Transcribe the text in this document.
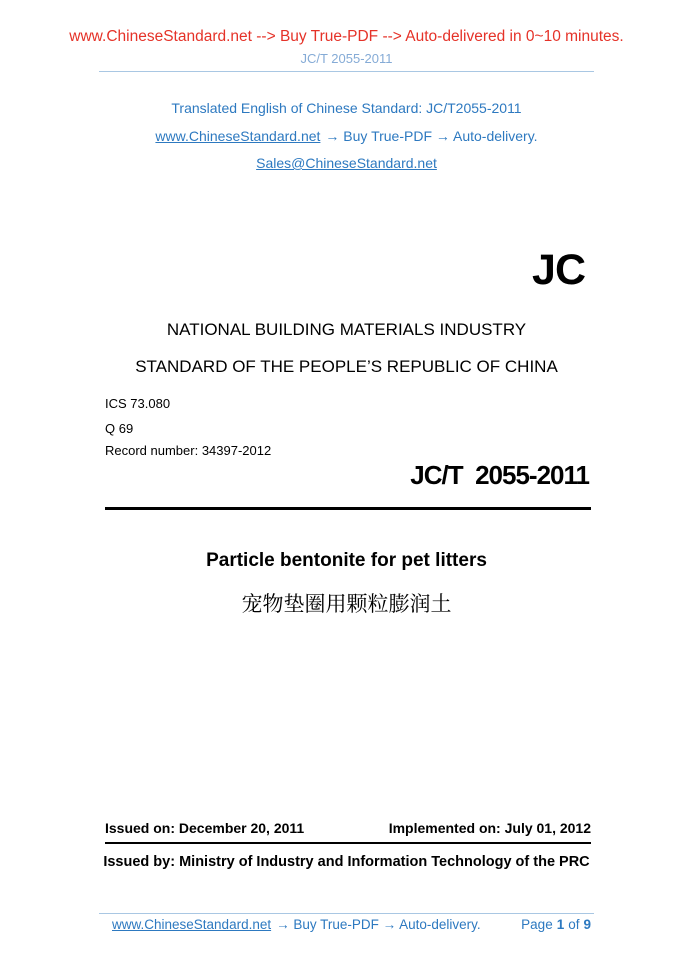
www.ChineseStandard.net --> Buy True-PDF --> Auto-delivered in 0~10 minutes.
JC/T 2055-2011
Translated English of Chinese Standard: JC/T2055-2011
www.ChineseStandard.net → Buy True-PDF → Auto-delivery.
Sales@ChineseStandard.net
JC
NATIONAL BUILDING MATERIALS INDUSTRY
STANDARD OF THE PEOPLE’S REPUBLIC OF CHINA
ICS 73.080
Q 69
Record number: 34397-2012
JC/T  2055-2011
Particle bentonite for pet litters
宠物垫圈用颗粒膨润土
Issued on: December 20, 2011	Implemented on: July 01, 2012
Issued by: Ministry of Industry and Information Technology of the PRC
www.ChineseStandard.net → Buy True-PDF → Auto-delivery.	Page 1 of 9
